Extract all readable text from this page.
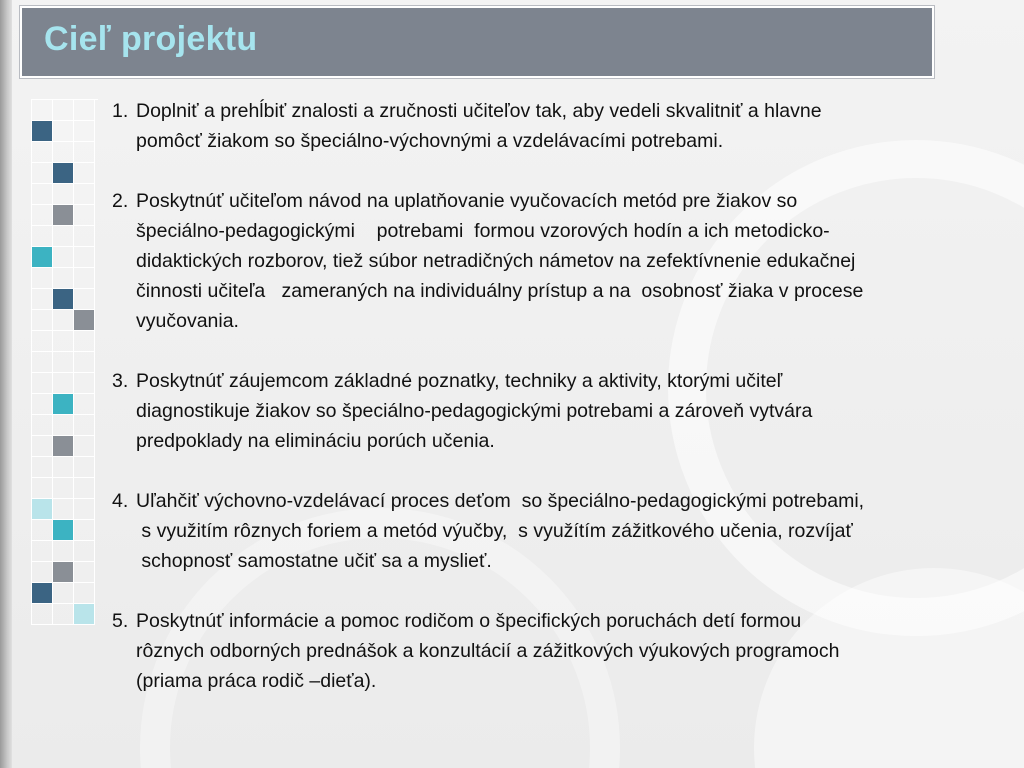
Cieľ projektu
1. Doplniť a prehĺbiť znalosti a zručnosti učiteľov tak, aby vedeli skvalitniť a hlavne
pomôcť žiakom so špeciálno-výchovnými a vzdelávacími potrebami.
2. Poskytnúť učiteľom návod na uplatňovanie vyučovacích metód pre žiakov so
špeciálno-pedagogickými    potrebami  formou vzorových hodín a ich metodicko-
didaktických rozborov, tiež súbor netradičných námetov na zefektívnenie edukačnej
činnosti učiteľa   zameraných na individuálny prístup a na  osobnosť žiaka v procese
vyučovania.
3. Poskytnúť záujemcom základné poznatky, techniky a aktivity, ktorými učiteľ
diagnostikuje žiakov so špeciálno-pedagogickými potrebami a zároveň vytvára
predpoklady na elimináciu porúch učenia.
4. Uľahčiť výchovno-vzdelávací proces deťom  so špeciálno-pedagogickými potrebami,
s využitím rôznych foriem a metód výučby,  s využítím zážitkového učenia, rozvíjať
schopnosť samostatne učiť sa a myslieť.
5. Poskytnúť informácie a pomoc rodičom o špecifických poruchách detí formou
rôznych odborných prednášok a konzultácií a zážitkových výukových programoch
(priama práca rodič –dieťa).
